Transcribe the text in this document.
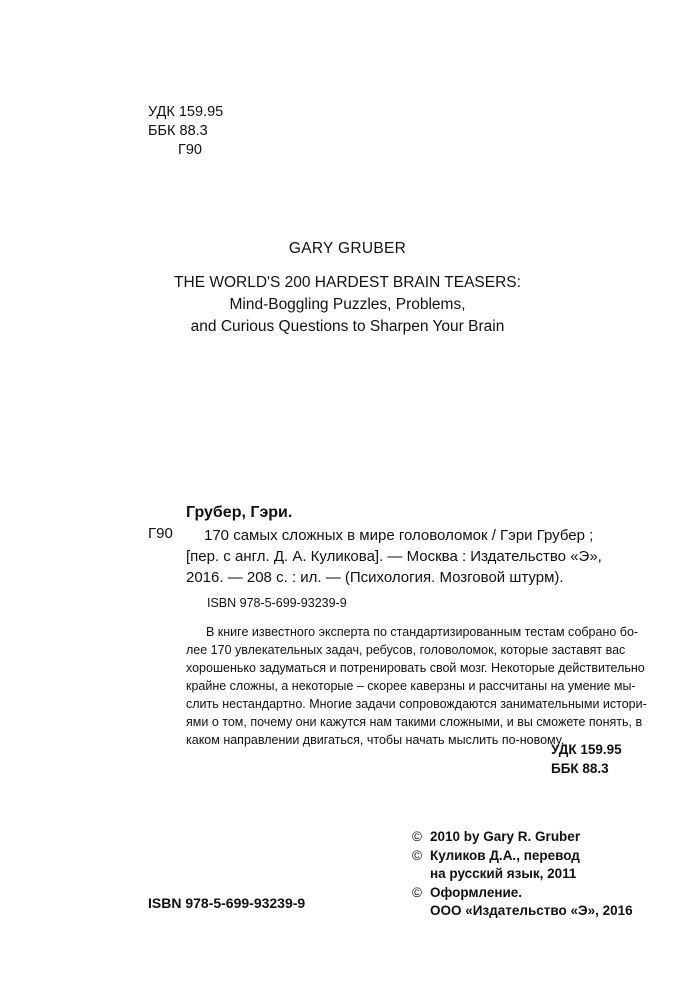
УДК 159.95
ББК 88.3
Г90
GARY GRUBER
THE WORLD'S 200 HARDEST BRAIN TEASERS:
Mind-Boggling Puzzles, Problems,
and Curious Questions to Sharpen Your Brain
Грубер, Гэри.
Г90	170 самых сложных в мире головоломок / Гэри Грубер ;
[пер. с англ. Д. А. Куликова]. — Москва : Издательство «Э»,
2016. — 208 с. : ил. — (Психология. Мозговой штурм).
ISBN 978-5-699-93239-9
В книге известного эксперта по стандартизированным тестам собрано бо-
лее 170 увлекательных задач, ребусов, головоломок, которые заставят вас
хорошенько задуматься и потренировать свой мозг. Некоторые действительно
крайне сложны, а некоторые – скорее каверзны и рассчитаны на умение мы-
слить нестандартно. Многие задачи сопровождаются занимательными истори-
ями о том, почему они кажутся нам такими сложными, и вы сможете понять, в
каком направлении двигаться, чтобы начать мыслить по-новому.
УДК 159.95
ББК 88.3
© 2010 by Gary R. Gruber
© Куликов Д.А., перевод
на русский язык, 2011
© Оформление.
ООО «Издательство «Э», 2016
ISBN 978-5-699-93239-9
